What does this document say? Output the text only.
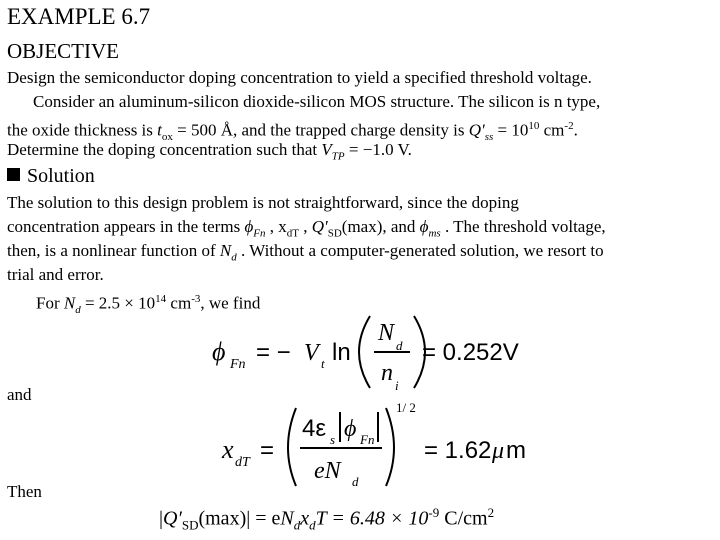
EXAMPLE 6.7
OBJECTIVE
Design the semiconductor doping concentration to yield a specified threshold voltage.
Consider an aluminum-silicon dioxide-silicon MOS structure. The silicon is n type,
the oxide thickness is $t_{ox} = 500$ Å, and the trapped charge density is $Q'_{ss} = 10^{10}$ $cm^{-2}$.
Determine the doping concentration such that $V_{TP} = -1.0$ V.
Solution
The solution to this design problem is not straightforward, since the doping
concentration appears in the terms $\phi_{Fn}$ , $x_{dT}$ , $Q'_{SD}(\max)$, and $\phi_{ms}$ . The threshold voltage,
then, is a nonlinear function of $N_d$ . Without a computer-generated solution, we resort to
trial and error.
For $N_d = 2.5 \times 10^{14}$ $cm^{-3}$, we find
ϕ Fn = − V t ln
N d
n i
= 0.252V
and
x dT =
4ε s ϕ Fn
eN d
1/ 2
= 1.62 μ m
Then
$|Q'_{SD}(\max)| = eN_dx_dT = 6.48 \times 10^{-9}$ $C/cm^2$
